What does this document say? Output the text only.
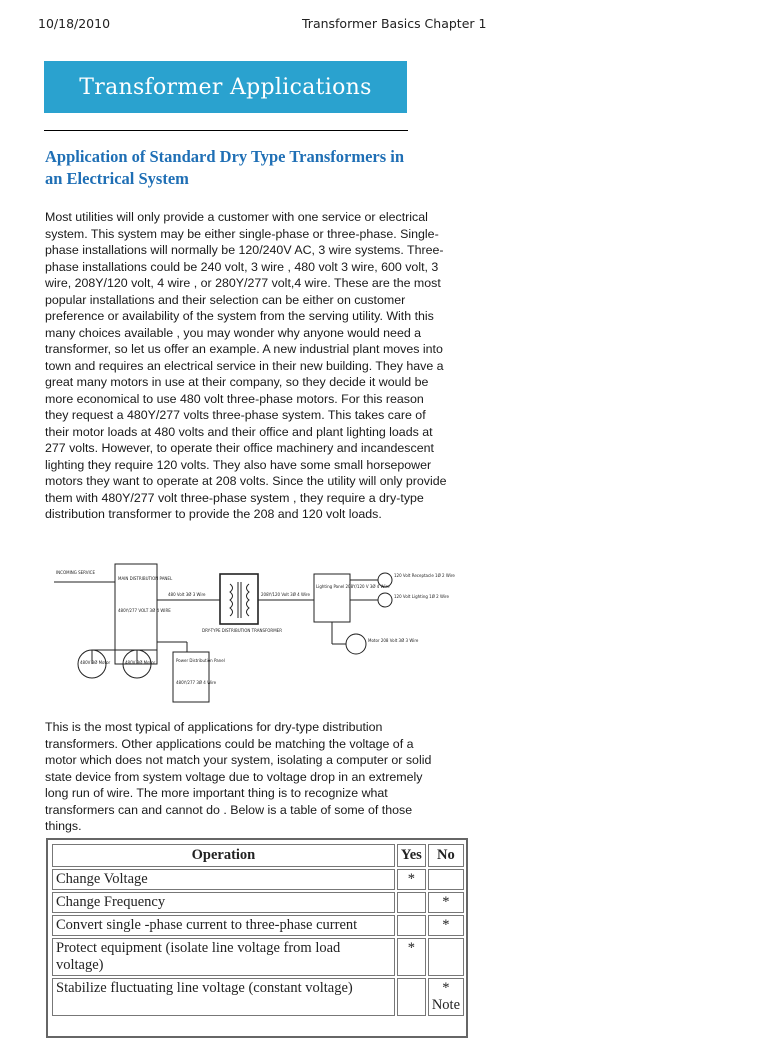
10/18/2010	Transformer Basics Chapter 1
Transformer Applications
Application of Standard Dry Type Transformers in an Electrical System
Most utilities will only provide a customer with one service or electrical system. This system may be either single-phase or three-phase. Single-phase installations will normally be 120/240V AC, 3 wire systems. Three-phase installations could be 240 volt, 3 wire , 480 volt 3 wire, 600 volt, 3 wire, 208Y/120 volt, 4 wire , or 280Y/277 volt,4 wire. These are the most popular installations and their selection can be either on customer preference or availability of the system from the serving utility. With this many choices available , you may wonder why anyone would need a transformer, so let us offer an example. A new industrial plant moves into town and requires an electrical service in their new building. They have a great many motors in use at their company, so they decide it would be more economical to use 480 volt three-phase motors. For this reason they request a 480Y/277 volts three-phase system. This takes care of their motor loads at 480 volts and their office and plant lighting loads at 277 volts. However, to operate their office machinery and incandescent lighting they require 120 volts. They also have some small horsepower motors they want to operate at 208 volts. Since the utility will only provide them with 480Y/277 volt three-phase system , they require a dry-type distribution transformer to provide the 208 and 120 volt loads.
INCOMING SERVICE
MAIN DISTRIBUTION PANEL
480Y/277 VOLT 3Ø 4 WIRE
480 Volt 3Ø 3 Wire
DRY-TYPE DISTRIBUTION TRANSFORMER
208Y/120 Volt 3Ø 4 Wire
Lighting Panel 208Y/120 V 3Ø 4 Wire
120 Volt Receptacle 1Ø 2 Wire
120 Volt Lighting 1Ø 2 Wire
Motor 208 Volt 3Ø 3 Wire
480V 3Ø Motor	480V 3Ø Motor	Power Distribution Panel
480Y/277 3Ø 4 Wire
This is the most typical of applications for dry-type distribution transformers. Other applications could be matching the voltage of a motor which does not match your system, isolating a computer or solid state device from system voltage due to voltage drop in an extremely long run of wire. The more important thing is to recognize what transformers can and cannot do . Below is a table of some of those things.
Operation	Yes	No
Change Voltage	*	
Change Frequency		*
Convert single -phase current to three-phase current		*
Protect equipment (isolate line voltage from load voltage)	*	
Stabilize fluctuating line voltage (constant voltage)		* Note
